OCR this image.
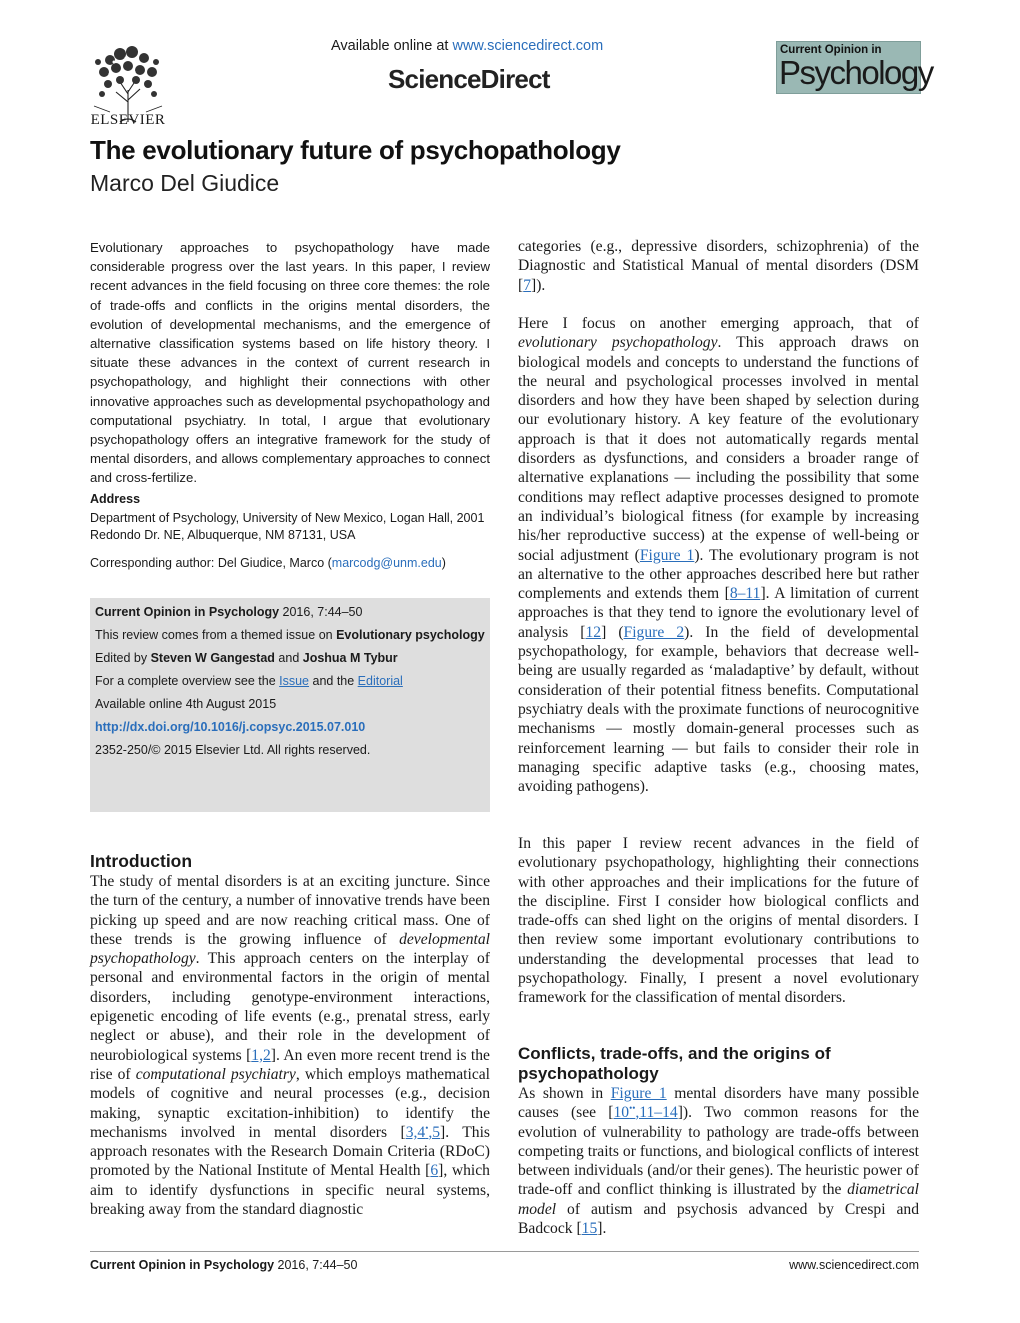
ELSEVIER
Available online at www.sciencedirect.com
ScienceDirect
Current Opinion in
Psychology
The evolutionary future of psychopathology
Marco Del Giudice
Evolutionary approaches to psychopathology have made considerable progress over the last years. In this paper, I review recent advances in the field focusing on three core themes: the role of trade-offs and conflicts in the origins mental disorders, the evolution of developmental mechanisms, and the emergence of alternative classification systems based on life history theory. I situate these advances in the context of current research in psychopathology, and highlight their connections with other innovative approaches such as developmental psychopathology and computational psychiatry. In total, I argue that evolutionary psychopathology offers an integrative framework for the study of mental disorders, and allows complementary approaches to connect and cross-fertilize.
Address
Department of Psychology, University of New Mexico, Logan Hall, 2001 Redondo Dr. NE, Albuquerque, NM 87131, USA
Corresponding author: Del Giudice, Marco (marcodg@unm.edu)
Current Opinion in Psychology 2016, 7:44–50
This review comes from a themed issue on Evolutionary psychology
Edited by Steven W Gangestad and Joshua M Tybur
For a complete overview see the Issue and the Editorial
Available online 4th August 2015
http://dx.doi.org/10.1016/j.copsyc.2015.07.010
2352-250/© 2015 Elsevier Ltd. All rights reserved.
Introduction
The study of mental disorders is at an exciting juncture. Since the turn of the century, a number of innovative trends have been picking up speed and are now reaching critical mass. One of these trends is the growing influence of developmental psychopathology. This approach centers on the interplay of personal and environmental factors in the origin of mental disorders, including genotype-environment interactions, epigenetic encoding of life events (e.g., prenatal stress, early neglect or abuse), and their role in the development of neurobiological systems [1,2]. An even more recent trend is the rise of computational psychiatry, which employs mathematical models of cognitive and neural processes (e.g., decision making, synaptic excitation-inhibition) to identify the mechanisms involved in mental disorders [3,4•,5]. This approach resonates with the Research Domain Criteria (RDoC) promoted by the National Institute of Mental Health [6], which aim to identify dysfunctions in specific neural systems, breaking away from the standard diagnostic
categories (e.g., depressive disorders, schizophrenia) of the Diagnostic and Statistical Manual of mental disorders (DSM [7]).
Here I focus on another emerging approach, that of evolutionary psychopathology. This approach draws on biological models and concepts to understand the functions of the neural and psychological processes involved in mental disorders and how they have been shaped by selection during our evolutionary history. A key feature of the evolutionary approach is that it does not automatically regards mental disorders as dysfunctions, and considers a broader range of alternative explanations — including the possibility that some conditions may reflect adaptive processes designed to promote an individual’s biological fitness (for example by increasing his/her reproductive success) at the expense of well-being or social adjustment (Figure 1). The evolutionary program is not an alternative to the other approaches described here but rather complements and extends them [8–11]. A limitation of current approaches is that they tend to ignore the evolutionary level of analysis [12] (Figure 2). In the field of developmental psychopathology, for example, behaviors that decrease well-being are usually regarded as ‘maladaptive’ by default, without consideration of their potential fitness benefits. Computational psychiatry deals with the proximate functions of neurocognitive mechanisms — mostly domain-general processes such as reinforcement learning — but fails to consider their role in managing specific adaptive tasks (e.g., choosing mates, avoiding pathogens).
In this paper I review recent advances in the field of evolutionary psychopathology, highlighting their connections with other approaches and their implications for the future of the discipline. First I consider how biological conflicts and trade-offs can shed light on the origins of mental disorders. I then review some important evolutionary contributions to understanding the developmental processes that lead to psychopathology. Finally, I present a novel evolutionary framework for the classification of mental disorders.
Conflicts, trade-offs, and the origins of psychopathology
As shown in Figure 1 mental disorders have many possible causes (see [10••,11–14]). Two common reasons for the evolution of vulnerability to pathology are trade-offs between competing traits or functions, and biological conflicts of interest between individuals (and/or their genes). The heuristic power of trade-off and conflict thinking is illustrated by the diametrical model of autism and psychosis advanced by Crespi and Badcock [15].
Current Opinion in Psychology 2016, 7:44–50	www.sciencedirect.com
